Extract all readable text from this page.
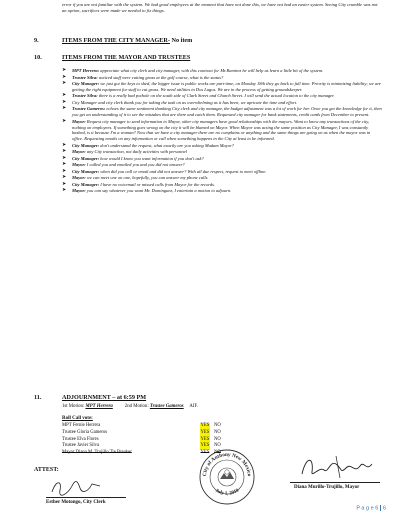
error if you are not familiar with the system. We had good employees at the moment that have not done this, we have not had an easier system. Seeing City crumble was not an option, sacrifices were made we needed to fix things.
9.	ITEMS FROM THE CITY MANAGER- No item
10.	ITEMS FROM THE MAYOR AND TRUSTEES
➤ MPT Herrera: appreciate what city clerk and city manager, with this contract for Mr.Ramirez he will help us learn a little bit of the system.
➤ Trustee Silva: noticed staff were cutting grass at the golf course, what is the status?
➤ City Manager: we just got the keys to shed, the bigger issue is public works are part-time, on Monday 18th they go back to full time. Priority is minimizing liability; we are getting the right equipment for staff to cut grass. We need utilities in Dos Lagos. We are in the process of getting groundskeeper.
➤ Trustee Silva: there is a really bad pothole on the south side of Clark Street and Church Street. I will send the actual location to the city manager.
➤ City Manager and city clerk thank you for taking the task on as overwhelming as it has been, we apricate the time and effort.
➤ Trustee Gameros: echoes the same sentiment thanking City clerk and city manager, the budget adjustment was a lot of work for her. Once you get the knowledge for it, then you get an understanding of it to see the mistakes that are there and catch them. Requested city manager for bank statements, credit cards from December to present.
➤ Mayor: Request city manager to send information to Mayor, other city managers have good relationships with the mayors. Want to know any transactions of the city, nothing on employees. If something goes wrong on the city it will be blamed on Mayor. When Mayor was acting the same position as City Manager, I was constantly bashed, is it because I'm a woman? Now that we have a city manager there are no complains or anything and the same things are going on as when the mayor was in office. Requesting emails on any information or call when something happens in the City at least to be informed.
➤ City Manager: don't understand the request, what exactly are you asking Madam Mayor?
➤ Mayor: any City transaction, not daily activities with personnel
➤ City Manager: how would I know you want information if you don't ask?
➤ Mayor: I called you and emailed you and you did not answer?
➤ City Manager: when did you call or email and did not answer? With all due respect, request to meet offline.
➤ Mayor: we can meet one on one, hopefully, you can answer my phone calls.
➤ City Manager: I have no voicemail or missed calls from Mayor for the records.
➤ Mayor: you can say whatever you want Mr. Dominguez, I entertain a motion to adjourn.
11.	ADJOURNMENT – at 6:59 PM
1st Motion: MPT Herrera	2nd Motion: Trustee Gameros AIF.
Roll Call vote:
MPT Fernie Herrera	YES NO
Trustee Gloria Gameros	YES NO
Trustee Elva Flores	YES NO
Trustee Javier Silva	YES NO
Mayor Diana M. Trujillo Tie Breaker	YES NO
ATTEST:
Esther Motongo, City Clerk
City of Anthony New Mexico
July 1, 2010
Diana Murillo-Trujillo, Mayor
P a g e 6 6
